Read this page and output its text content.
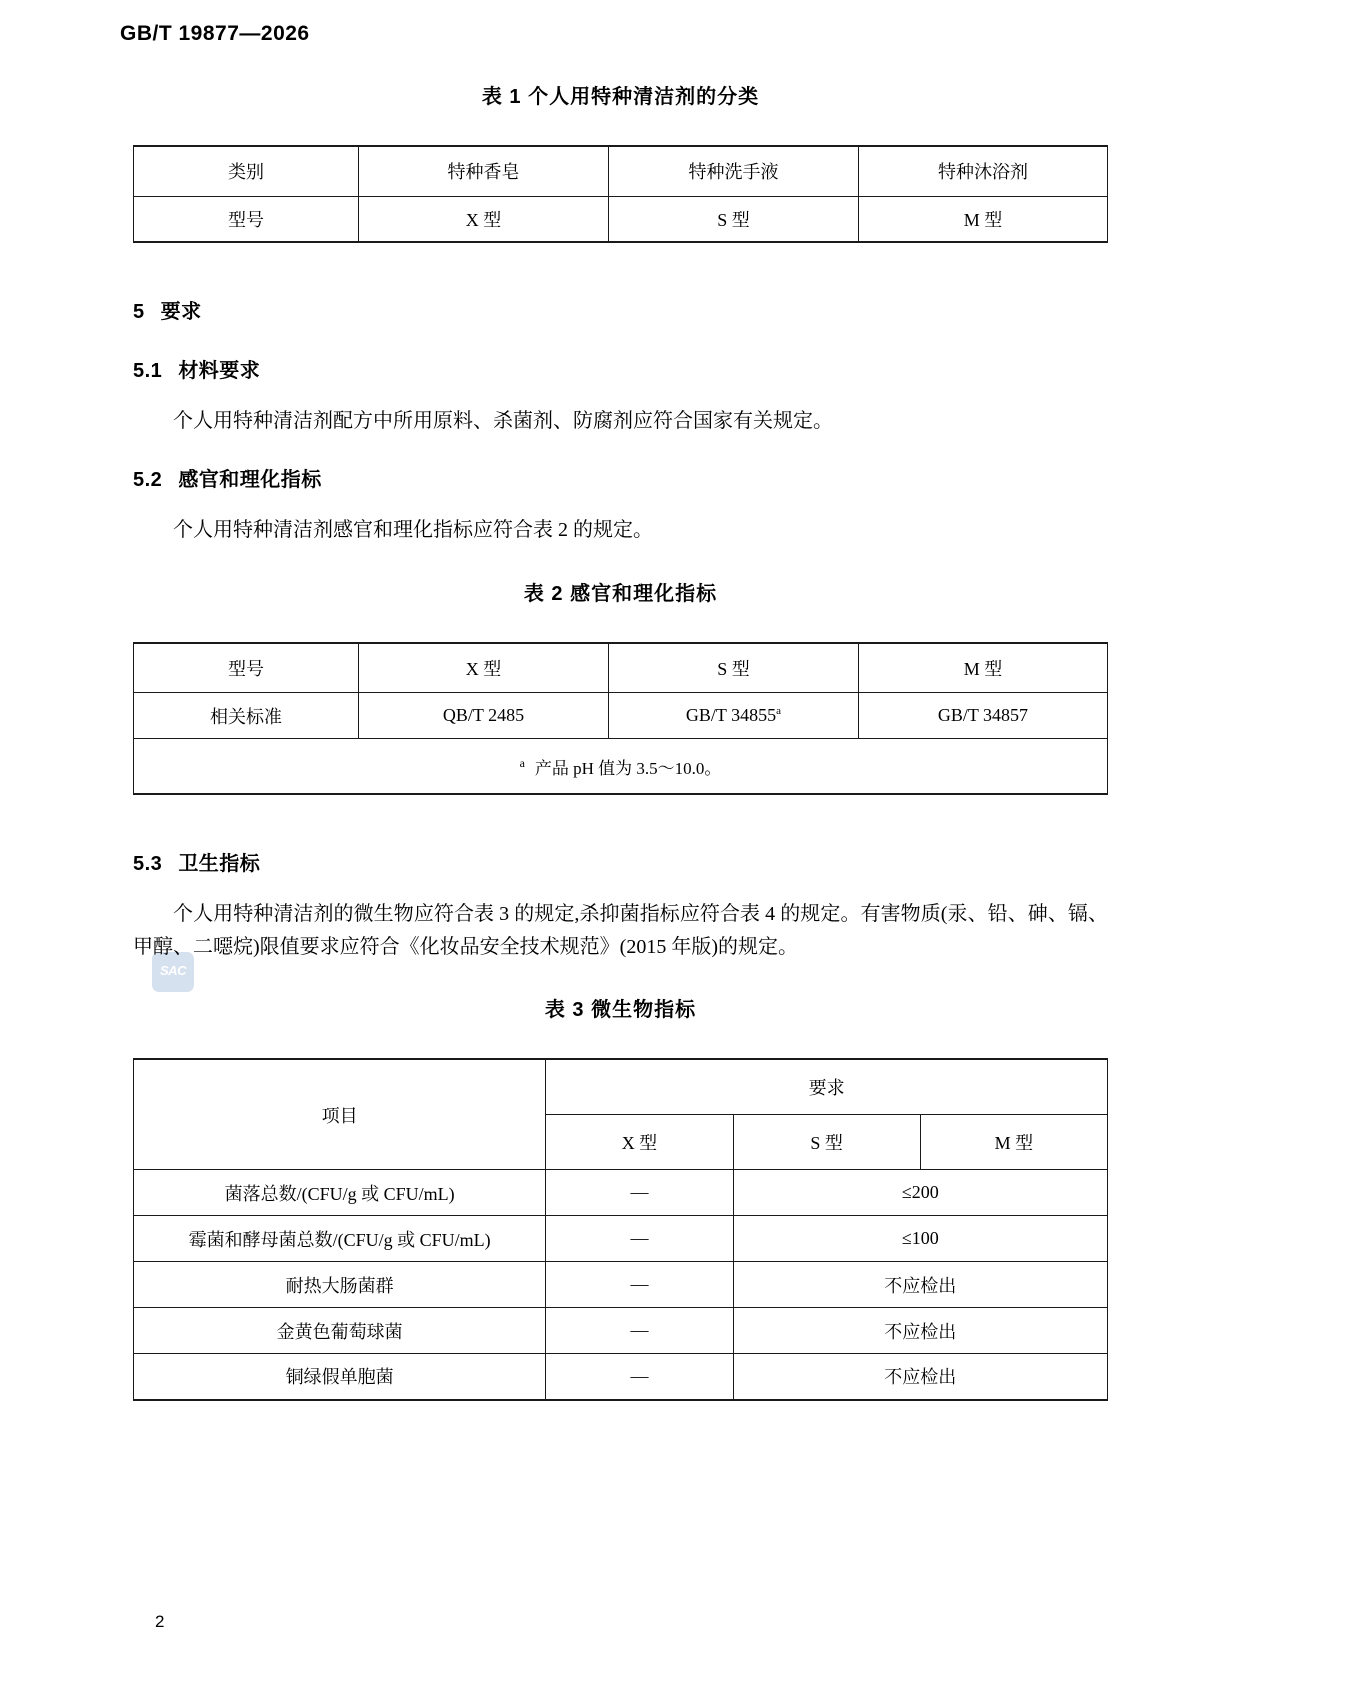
GB/T 19877—2026
SAC
表 1 个人用特种清洁剂的分类
类别	特种香皂	特种洗手液	特种沐浴剂
型号	X 型	S 型	M 型
5 要求
5.1 材料要求
个人用特种清洁剂配方中所用原料、杀菌剂、防腐剂应符合国家有关规定。
5.2 感官和理化指标
个人用特种清洁剂感官和理化指标应符合表 2 的规定。
表 2 感官和理化指标
型号	X 型	S 型	M 型
相关标准	QB/T 2485	GB/T 34855$^a$	GB/T 34857
$^a$ 产品 pH 值为 3.5～10.0。			
5.3 卫生指标
个人用特种清洁剂的微生物应符合表 3 的规定,杀抑菌指标应符合表 4 的规定。有害物质(汞、铅、砷、镉、甲醇、二噁烷)限值要求应符合《化妆品安全技术规范》(2015 年版)的规定。
表 3 微生物指标
项目	要求		
	X 型	S 型	M 型
菌落总数/(CFU/g 或 CFU/mL)	—	≤200	
霉菌和酵母菌总数/(CFU/g 或 CFU/mL)	—	≤100	
耐热大肠菌群	—	不应检出	
金黄色葡萄球菌	—	不应检出	
铜绿假单胞菌	—	不应检出	
2
